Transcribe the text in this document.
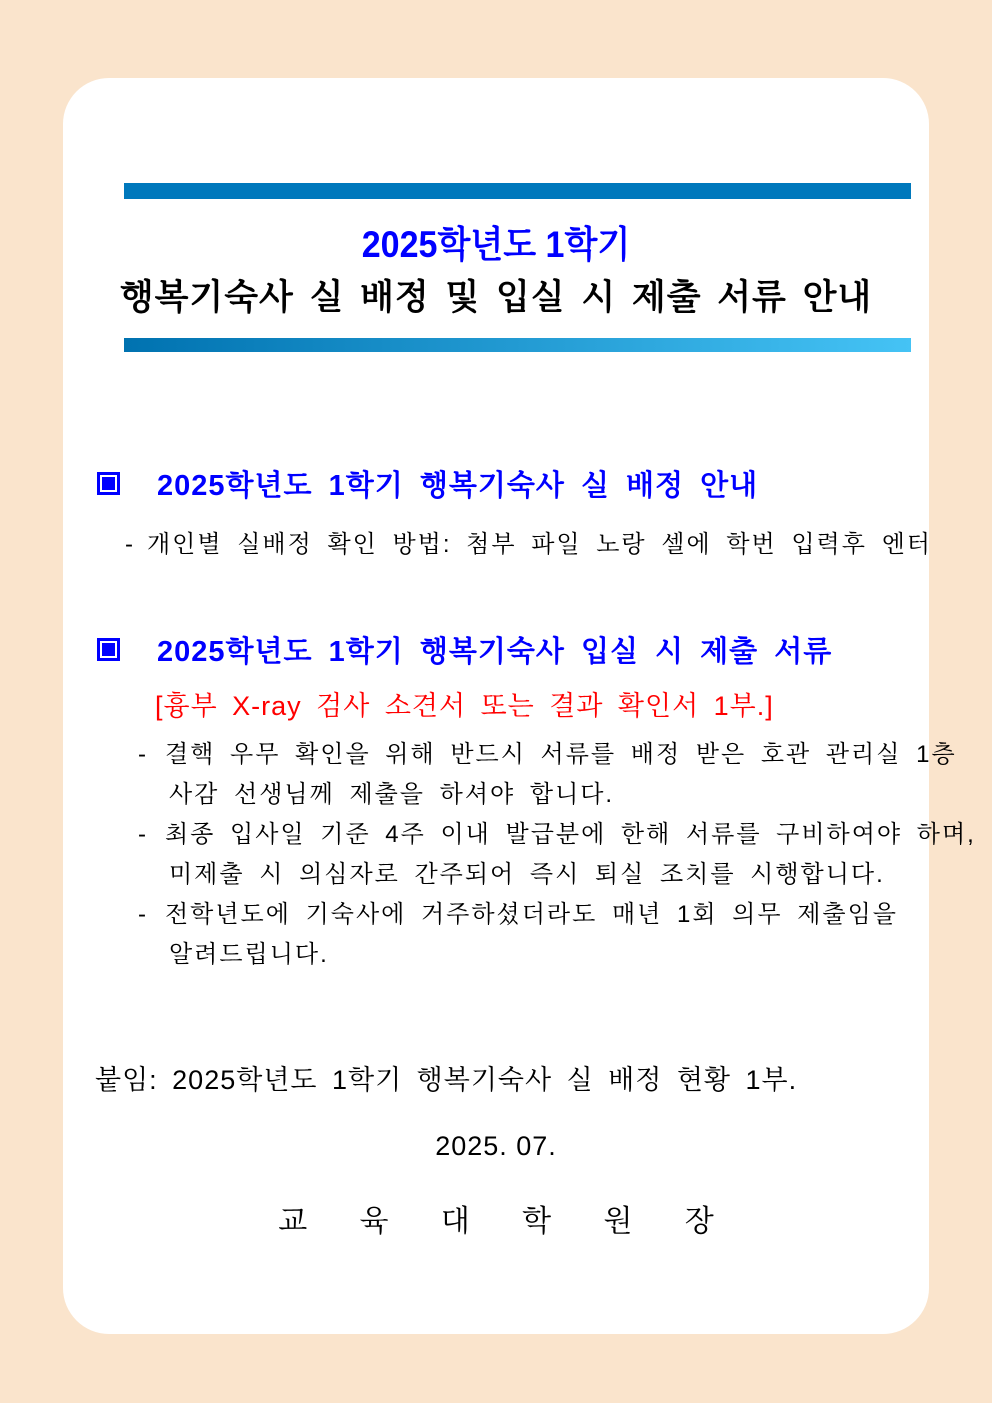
2025학년도 1학기
행복기숙사 실 배정 및 입실 시 제출 서류 안내
2025학년도 1학기 행복기숙사 실 배정 안내
- 개인별 실배정 확인 방법: 첨부 파일 노랑 셀에 학번 입력후 엔터
2025학년도 1학기 행복기숙사 입실 시 제출 서류
[흉부 X-ray 검사 소견서 또는 결과 확인서 1부.]
- 결핵 우무 확인을 위해 반드시 서류를 배정 받은 호관 관리실 1층
사감 선생님께 제출을 하셔야 합니다.
- 최종 입사일 기준 4주 이내 발급분에 한해 서류를 구비하여야 하며,
미제출 시 의심자로 간주되어 즉시 퇴실 조치를 시행합니다.
- 전학년도에 기숙사에 거주하셨더라도 매년 1회 의무 제출임을
알려드립니다.
붙임: 2025학년도 1학기 행복기숙사 실 배정 현황 1부.
2025. 07.
교 육 대 학 원 장
